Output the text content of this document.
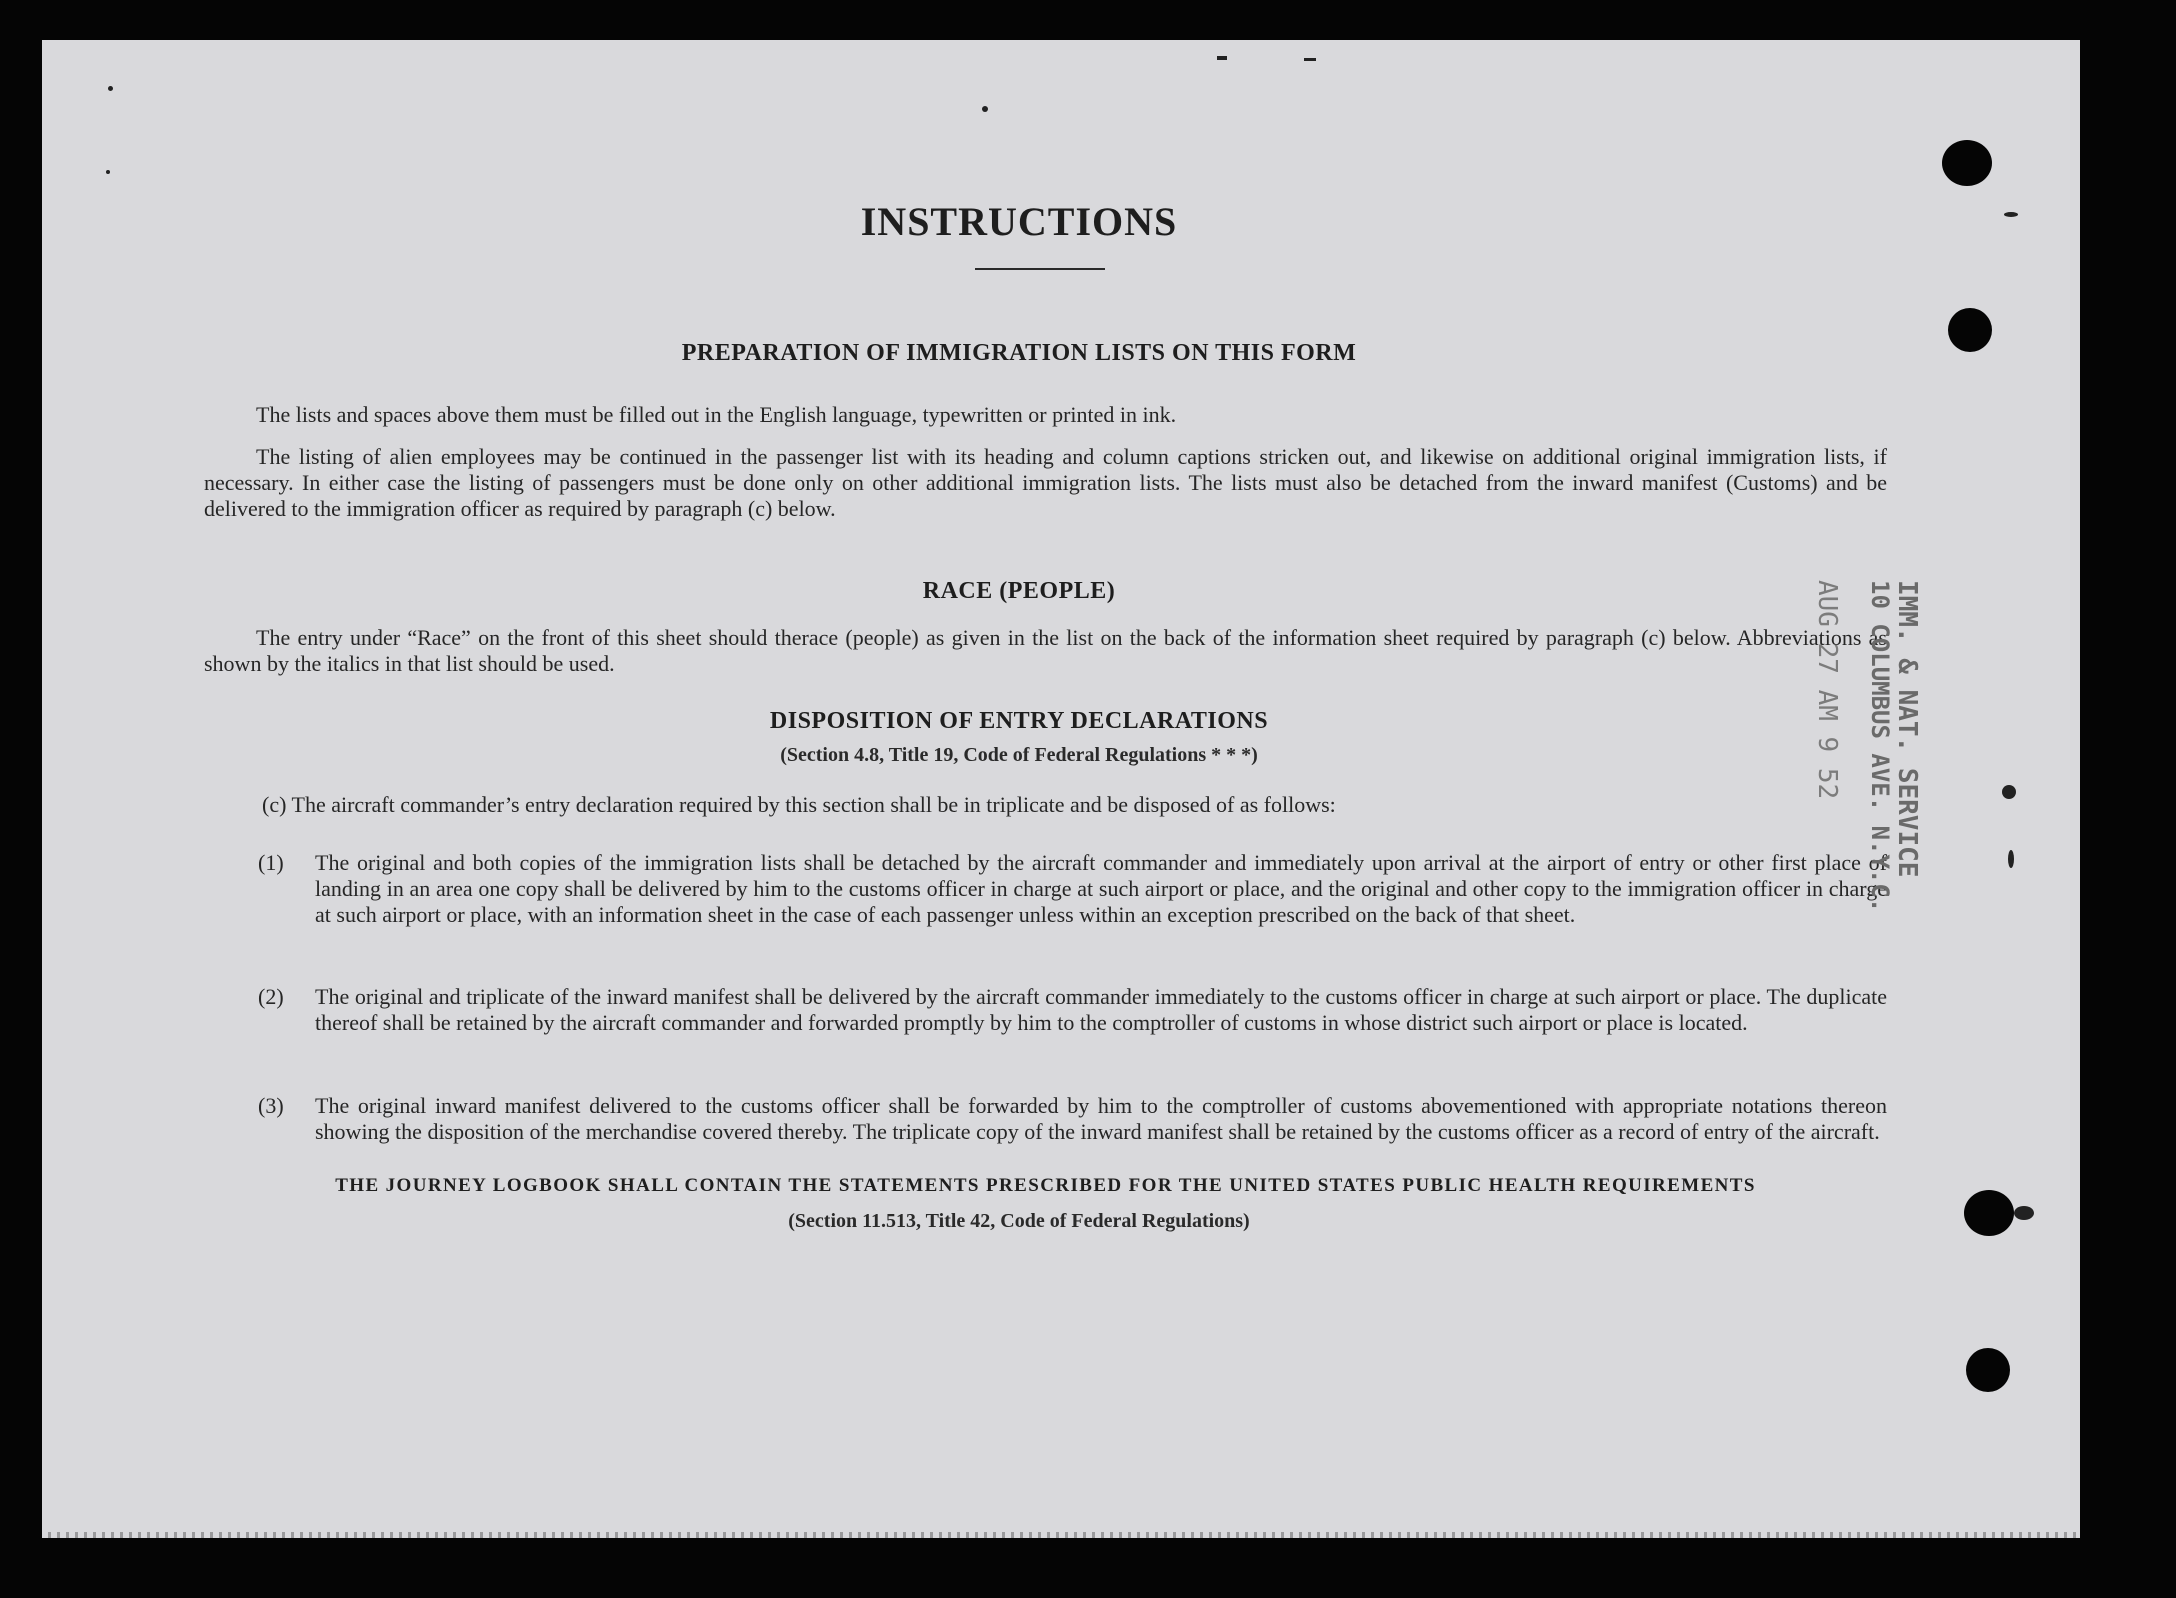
INSTRUCTIONS
PREPARATION OF IMMIGRATION LISTS ON THIS FORM
The lists and spaces above them must be filled out in the English language, typewritten or printed in ink.
The listing of alien employees may be continued in the passenger list with its heading and column captions stricken out, and likewise on additional original immigration lists, if necessary. In either case the listing of passengers must be done only on other additional immigration lists. The lists must also be detached from the inward manifest (Customs) and be delivered to the immigration officer as required by paragraph (c) below.
RACE (PEOPLE)
The entry under “Race” on the front of this sheet should therace (people) as given in the list on the back of the information sheet required by paragraph (c) below. Abbreviations as shown by the italics in that list should be used.
DISPOSITION OF ENTRY DECLARATIONS
(Section 4.8, Title 19, Code of Federal Regulations * * *)
(c) The aircraft commander’s entry declaration required by this section shall be in triplicate and be disposed of as follows:
(1) The original and both copies of the immigration lists shall be detached by the aircraft commander and immediately upon arrival at the airport of entry or other first place of landing in an area one copy shall be delivered by him to the customs officer in charge at such airport or place, and the original and other copy to the immigration officer in charge at such airport or place, with an information sheet in the case of each passenger unless within an exception prescribed on the back of that sheet.
(2) The original and triplicate of the inward manifest shall be delivered by the aircraft commander immediately to the customs officer in charge at such airport or place. The duplicate thereof shall be retained by the aircraft commander and forwarded promptly by him to the comptroller of customs in whose district such airport or place is located.
(3) The original inward manifest delivered to the customs officer shall be forwarded by him to the comptroller of customs abovementioned with appropriate notations thereon showing the disposition of the merchandise covered thereby. The triplicate copy of the inward manifest shall be retained by the customs officer as a record of entry of the aircraft.
THE JOURNEY LOGBOOK SHALL CONTAIN THE STATEMENTS PRESCRIBED FOR THE UNITED STATES PUBLIC HEALTH REQUIREMENTS
(Section 11.513, Title 42, Code of Federal Regulations)
IMM. & NAT. SERVICE
10 COLUMBUS AVE. N.Y.C.
AUG 27 AM 9 52
